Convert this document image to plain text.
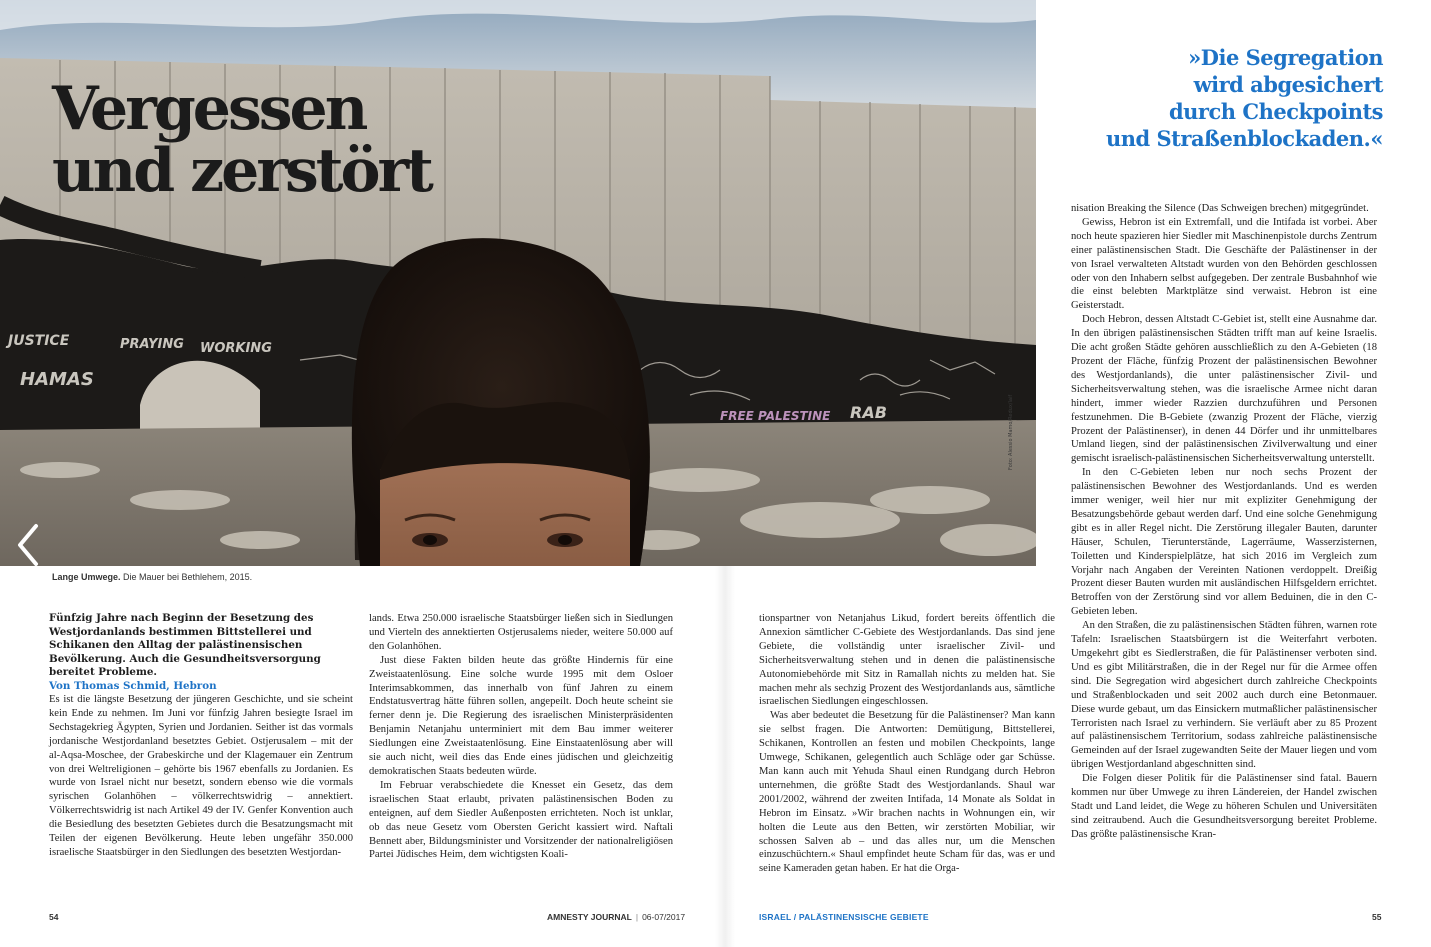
JUSTICE	PRAYING WORKING
FREE PALESTINE
HAMAS
RAB	Foto: Alessio Mamo/Redux/laif
Vergessen
und zerstört
»Die Segregation
wird abgesichert
durch Checkpoints
und Straßenblockaden.«
Lange Umwege. Die Mauer bei Bethlehem, 2015.
Fünfzig Jahre nach Beginn der Besetzung des Westjordanlands bestimmen Bittstellerei und Schikanen den Alltag der palästinensischen Bevölkerung. Auch die Gesundheitsversorgung bereitet Probleme.
Von Thomas Schmid, Hebron

Es ist die längste Besetzung der jüngeren Geschichte, und sie scheint kein Ende zu nehmen. Im Juni vor fünfzig Jahren besiegte Israel im Sechstagekrieg Ägypten, Syrien und Jordanien. Seither ist das vormals jordanische Westjordanland besetztes Gebiet. Ostjerusalem – mit der al-Aqsa-Moschee, der Grabeskirche und der Klagemauer ein Zentrum von drei Weltreligionen – gehörte bis 1967 ebenfalls zu Jordanien. Es wurde von Israel nicht nur besetzt, sondern ebenso wie die vormals syrischen Golanhöhen – völkerrechtswidrig – annektiert. Völkerrechtswidrig ist nach Artikel 49 der IV. Genfer Konvention auch die Besiedlung des besetzten Gebietes durch die Besatzungsmacht mit Teilen der eigenen Bevölkerung. Heute leben ungefähr 350.000 israelische Staatsbürger in den Siedlungen des besetzten Westjordan-

lands. Etwa 250.000 israelische Staatsbürger ließen sich in Siedlungen und Vierteln des annektierten Ostjerusalems nieder, weitere 50.000 auf den Golanhöhen.

Just diese Fakten bilden heute das größte Hindernis für eine Zweistaatenlösung. Eine solche wurde 1995 mit dem Osloer Interimsabkommen, das innerhalb von fünf Jahren zu einem Endstatusvertrag hätte führen sollen, angepeilt. Doch heute scheint sie ferner denn je. Die Regierung des israelischen Ministerpräsidenten Benjamin Netanjahu unterminiert mit dem Bau immer weiterer Siedlungen eine Zweistaatenlösung. Eine Einstaatenlösung aber will sie auch nicht, weil dies das Ende eines jüdischen und gleichzeitig demokratischen Staats bedeuten würde.

Im Februar verabschiedete die Knesset ein Gesetz, das dem israelischen Staat erlaubt, privaten palästinensischen Boden zu enteignen, auf dem Siedler Außenposten errichteten. Noch ist unklar, ob das neue Gesetz vom Obersten Gericht kassiert wird. Naftali Bennett aber, Bildungsminister und Vorsitzender der nationalreligiösen Partei Jüdisches Heim, dem wichtigsten Koali-

tionspartner von Netanjahus Likud, fordert bereits öffentlich die Annexion sämtlicher C-Gebiete des Westjordanlands. Das sind jene Gebiete, die vollständig unter israelischer Zivil- und Sicherheitsverwaltung stehen und in denen die palästinensische Autonomiebehörde mit Sitz in Ramallah nichts zu melden hat. Sie machen mehr als sechzig Prozent des Westjordanlands aus, sämtliche israelischen Siedlungen eingeschlossen.

Was aber bedeutet die Besetzung für die Palästinenser? Man kann sie selbst fragen. Die Antworten: Demütigung, Bittstellerei, Schikanen, Kontrollen an festen und mobilen Checkpoints, lange Umwege, Schikanen, gelegentlich auch Schläge oder gar Schüsse. Man kann auch mit Yehuda Shaul einen Rundgang durch Hebron unternehmen, die größte Stadt des Westjordanlands. Shaul war 2001/2002, während der zweiten Intifada, 14 Monate als Soldat in Hebron im Einsatz. »Wir brachen nachts in Wohnungen ein, wir holten die Leute aus den Betten, wir zerstörten Mobiliar, wir schossen Salven ab – und das alles nur, um die Menschen einzuschüchtern.« Shaul empfindet heute Scham für das, was er und seine Kameraden getan haben. Er hat die Orga-

nisation Breaking the Silence (Das Schweigen brechen) mitgegründet.

Gewiss, Hebron ist ein Extremfall, und die Intifada ist vorbei. Aber noch heute spazieren hier Siedler mit Maschinenpistole durchs Zentrum einer palästinensischen Stadt. Die Geschäfte der Palästinenser in der von Israel verwalteten Altstadt wurden von den Behörden geschlossen oder von den Inhabern selbst aufgegeben. Der zentrale Busbahnhof wie die einst belebten Marktplätze sind verwaist. Hebron ist eine Geisterstadt.

Doch Hebron, dessen Altstadt C-Gebiet ist, stellt eine Ausnahme dar. In den übrigen palästinensischen Städten trifft man auf keine Israelis. Die acht großen Städte gehören ausschließlich zu den A-Gebieten (18 Prozent der Fläche, fünfzig Prozent der palästinensischen Bewohner des Westjordanlands), die unter palästinensischer Zivil- und Sicherheitsverwaltung stehen, was die israelische Armee nicht daran hindert, immer wieder Razzien durchzuführen und Personen festzunehmen. Die B-Gebiete (zwanzig Prozent der Fläche, vierzig Prozent der Palästinenser), in denen 44 Dörfer und ihr unmittelbares Umland liegen, sind der palästinensischen Zivilverwaltung und einer gemischt israelisch-palästinensischen Sicherheitsverwaltung unterstellt.

In den C-Gebieten leben nur noch sechs Prozent der palästinensischen Bewohner des Westjordanlands. Und es werden immer weniger, weil hier nur mit expliziter Genehmigung der Besatzungsbehörde gebaut werden darf. Und eine solche Genehmigung gibt es in aller Regel nicht. Die Zerstörung illegaler Bauten, darunter Häuser, Schulen, Tierunterstände, Lagerräume, Wasserzisternen, Toiletten und Kinderspielplätze, hat sich 2016 im Vergleich zum Vorjahr nach Angaben der Vereinten Nationen verdoppelt. Dreißig Prozent dieser Bauten wurden mit ausländischen Hilfsgeldern errichtet. Betroffen von der Zerstörung sind vor allem Beduinen, die in den C-Gebieten leben.

An den Straßen, die zu palästinensischen Städten führen, warnen rote Tafeln: Israelischen Staatsbürgern ist die Weiterfahrt verboten. Umgekehrt gibt es Siedlerstraßen, die für Palästinenser verboten sind. Und es gibt Militärstraßen, die in der Regel nur für die Armee offen sind. Die Segregation wird abgesichert durch zahlreiche Checkpoints und Straßenblockaden und seit 2002 auch durch eine Betonmauer. Diese wurde gebaut, um das Einsickern mutmaßlicher palästinensischer Terroristen nach Israel zu verhindern. Sie verläuft aber zu 85 Prozent auf palästinensischem Territorium, sodass zahlreiche palästinensische Gemeinden auf der Israel zugewandten Seite der Mauer liegen und vom übrigen Westjordanland abgeschnitten sind.

Die Folgen dieser Politik für die Palästinenser sind fatal. Bauern kommen nur über Umwege zu ihren Ländereien, der Handel zwischen Stadt und Land leidet, die Wege zu höheren Schulen und Universitäten sind zeitraubend. Auch die Gesundheitsversorgung bereitet Probleme. Das größte palästinensische Kran-

54	AMNESTY JOURNAL | 06-07/2017	ISRAEL / PALÄSTINENSISCHE GEBIETE	55
